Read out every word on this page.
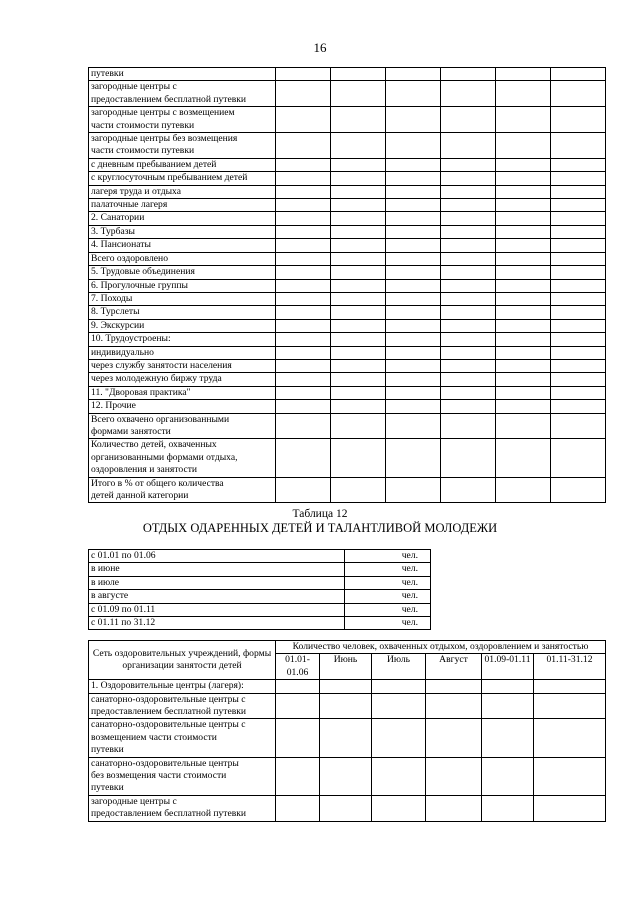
16
путевки						

загородные центры с
предоставлением бесплатной путевки						

загородные центры с возмещением
части стоимости путевки						

загородные центры без возмещения
части стоимости путевки						

с дневным пребыванием детей						

с круглосуточным пребыванием детей						

лагеря труда и отдыха						

палаточные лагеря						

2. Санатории						

3. Турбазы						

4. Пансионаты						

Всего оздоровлено						

5. Трудовые объединения						

6. Прогулочные группы						

7. Походы						

8. Турслеты						

9. Экскурсии						

10. Трудоустроены:						

индивидуально						

через службу занятости населения						

через молодежную биржу труда						

11. "Дворовая практика"						

12. Прочие						

Всего охвачено организованными
формами занятости						

Количество детей, охваченных
организованными формами отдыха,
оздоровления и занятости						

Итого в % от общего количества
детей данной категории						

Таблица 12
ОТДЫХ ОДАРЕННЫХ ДЕТЕЙ И ТАЛАНТЛИВОЙ МОЛОДЕЖИ
с 01.01 по 01.06	чел.
в июне	чел.
в июле	чел.
в августе	чел.
с 01.09 по 01.11	чел.
с 01.11 по 31.12	чел.
Сеть оздоровительных учреждений, формы организации занятости детей	Количество человек, охваченных отдыхом, оздоровлением и занятостью					
	01.01-01.06	Июнь	Июль	Август	01.09-01.11	01.11-31.12

1. Оздоровительные центры (лагеря):						

санаторно-оздоровительные центры с
предоставлением бесплатной путевки						

санаторно-оздоровительные центры с
возмещением части стоимости
путевки						

санаторно-оздоровительные центры
без возмещения части стоимости
путевки						

загородные центры с
предоставлением бесплатной путевки						
